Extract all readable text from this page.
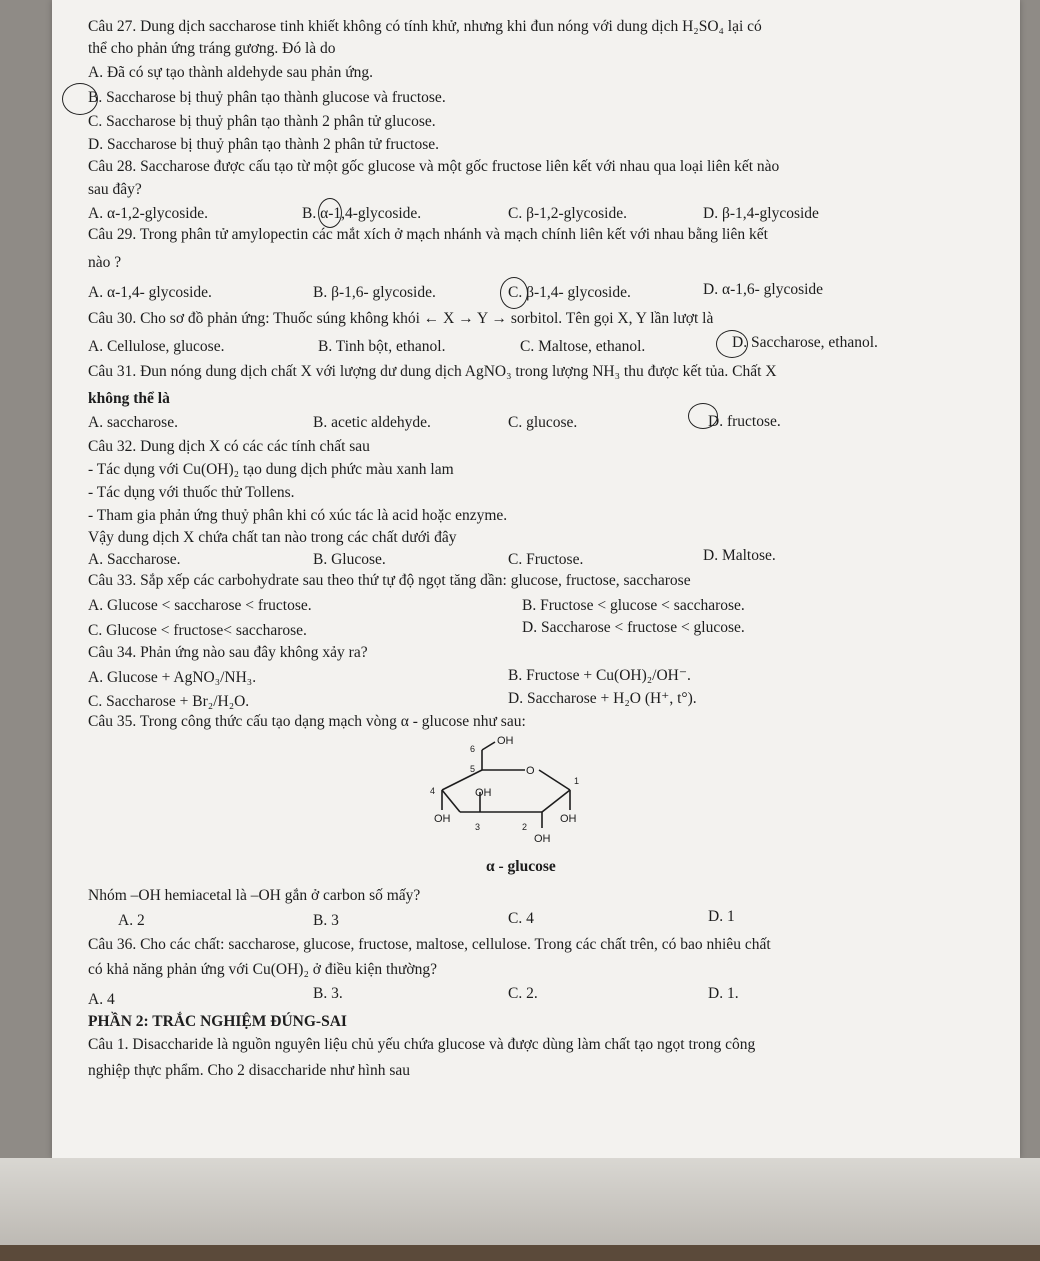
Câu 27. Dung dịch saccharose tinh khiết không có tính khử, nhưng khi đun nóng với dung dịch H₂SO₄ lại có
thể cho phản ứng tráng gương. Đó là do
A. Đã có sự tạo thành aldehyde sau phản ứng.
B. Saccharose bị thuỷ phân tạo thành glucose và fructose.
C. Saccharose bị thuỷ phân tạo thành 2 phân tử glucose.
D. Saccharose bị thuỷ phân tạo thành 2 phân tử fructose.
Câu 28. Saccharose được cấu tạo từ một gốc glucose và một gốc fructose liên kết với nhau qua loại liên kết nào
sau đây?
A. α-1,2-glycoside.	B. α-1,4-glycoside.	C. β-1,2-glycoside.	D. β-1,4-glycoside
Câu 29. Trong phân tử amylopectin các mắt xích ở mạch nhánh và mạch chính liên kết với nhau bằng liên kết
nào ?
A. α-1,4- glycoside.	B. β-1,6- glycoside.	C. β-1,4- glycoside.	D. α-1,6- glycoside
Câu 30. Cho sơ đồ phản ứng: Thuốc súng không khói ← X → Y → sorbitol. Tên gọi X, Y lần lượt là
A. Cellulose, glucose.	B. Tinh bột, ethanol.	C. Maltose, ethanol.	D. Saccharose, ethanol.
Câu 31. Đun nóng dung dịch chất X với lượng dư dung dịch AgNO₃ trong lượng NH₃ thu được kết tủa. Chất X
không thể là
A. saccharose.	B. acetic aldehyde.	C. glucose.	D. fructose.
Câu 32. Dung dịch X có các các tính chất sau
- Tác dụng với Cu(OH)₂ tạo dung dịch phức màu xanh lam
- Tác dụng với thuốc thử Tollens.
- Tham gia phản ứng thuỷ phân khi có xúc tác là acid hoặc enzyme.
Vậy dung dịch X chứa chất tan nào trong các chất dưới đây
A. Saccharose.	B. Glucose.	C. Fructose.	D. Maltose.
Câu 33. Sắp xếp các carbohydrate sau theo thứ tự độ ngọt tăng dần: glucose, fructose, saccharose
A. Glucose < saccharose < fructose.	B. Fructose < glucose < saccharose.
C. Glucose < fructose< saccharose.	D. Saccharose < fructose < glucose.
Câu 34. Phản ứng nào sau đây không xảy ra?
A. Glucose + AgNO₃/NH₃.	B. Fructose + Cu(OH)₂/OH⁻.
C. Saccharose + Br₂/H₂O.	D. Saccharose + H₂O (H⁺, t°).
Câu 35. Trong công thức cấu tạo dạng mạch vòng α - glucose như sau:
OH
6
5	O
4	OH
1
OH
3	2
OH
OH
α - glucose
Nhóm –OH hemiacetal là –OH gắn ở carbon số mấy?
A. 2	B. 3	C. 4	D. 1
Câu 36. Cho các chất: saccharose, glucose, fructose, maltose, cellulose. Trong các chất trên, có bao nhiêu chất
có khả năng phản ứng với Cu(OH)₂ ở điều kiện thường?
A. 4	B. 3.	C. 2.	D. 1.
PHẦN 2: TRẮC NGHIỆM ĐÚNG-SAI
Câu 1. Disaccharide là nguồn nguyên liệu chủ yếu chứa glucose và được dùng làm chất tạo ngọt trong công
nghiệp thực phẩm. Cho 2 disaccharide như hình sau
